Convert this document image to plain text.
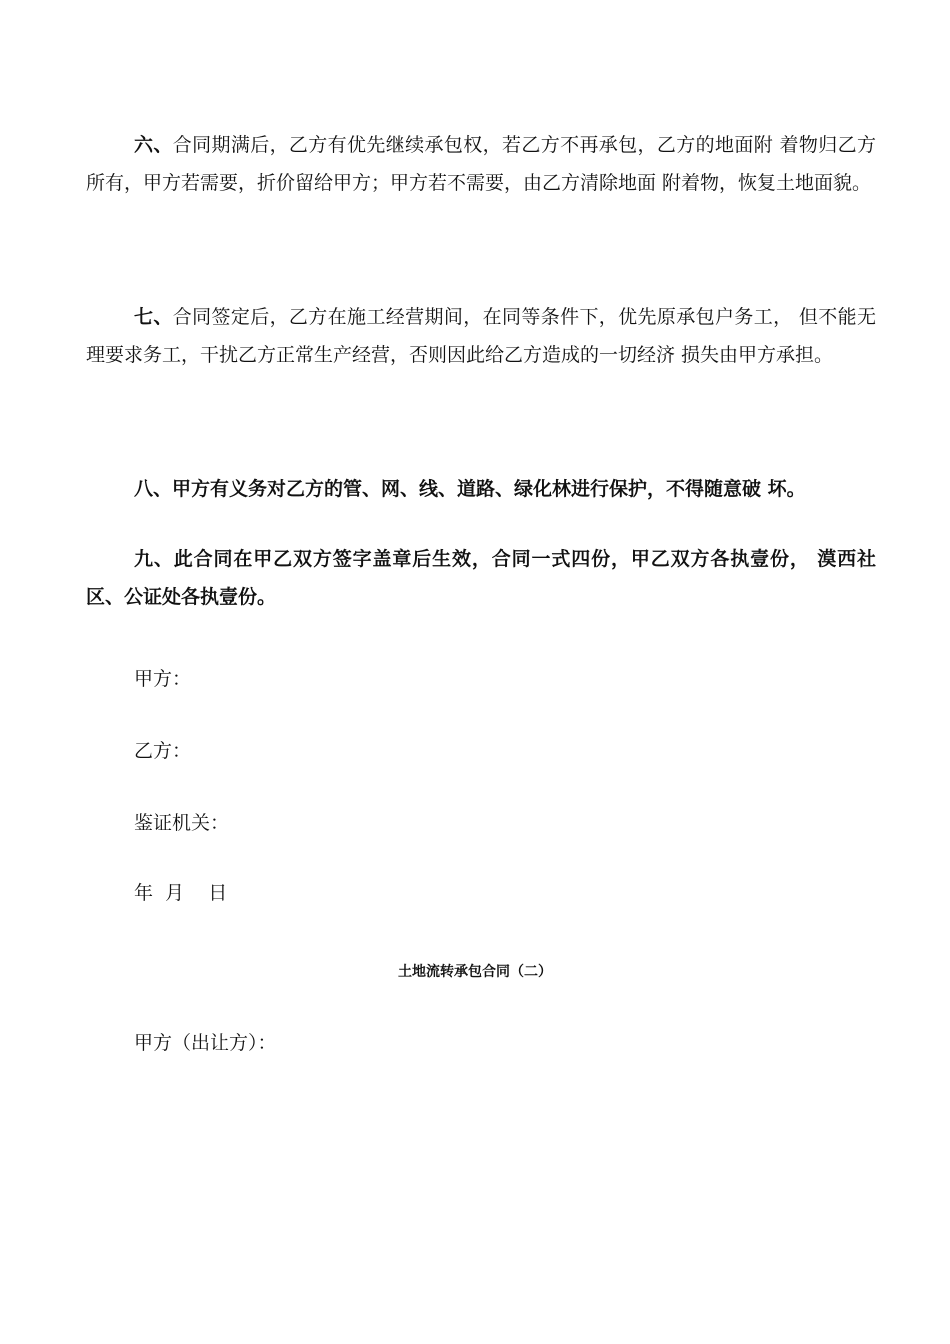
六、合同期满后，乙方有优先继续承包权，若乙方不再承包，乙方的地面附 着物归乙方所有，甲方若需要，折价留给甲方；甲方若不需要，由乙方清除地面 附着物，恢复土地面貌。

七、合同签定后，乙方在施工经营期间，在同等条件下，优先原承包户务工， 但不能无理要求务工，干扰乙方正常生产经营，否则因此给乙方造成的一切经济 损失由甲方承担。

八、甲方有义务对乙方的管、网、线、道路、绿化林进行保护，不得随意破 坏。

九、此合同在甲乙双方签字盖章后生效，合同一式四份，甲乙双方各执壹份， 漠西社区、公证处各执壹份。

甲方：

乙方：

鉴证机关：

年  月    日

土地流转承包合同（二）

甲方（出让方）：
